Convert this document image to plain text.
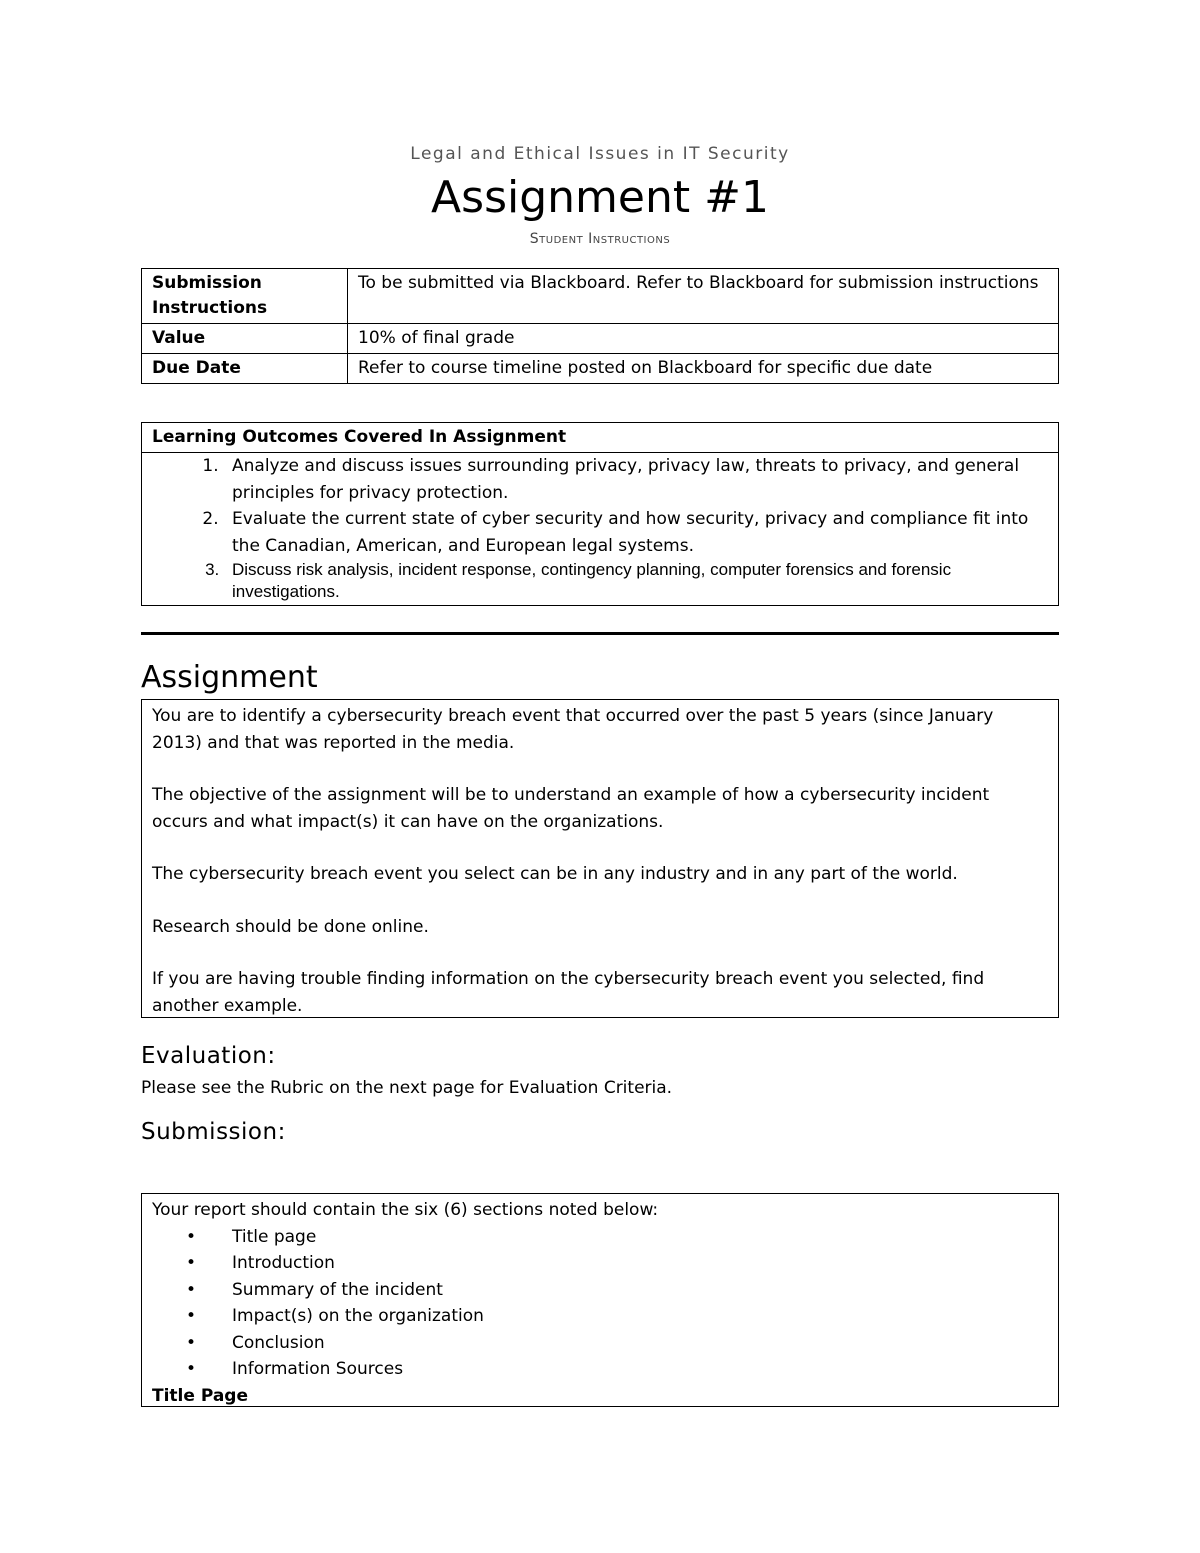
Legal and Ethical Issues in IT Security
Assignment #1
Student Instructions
Submission Instructions	To be submitted via Blackboard. Refer to Blackboard for submission instructions
Value	10% of final grade
Due Date	Refer to course timeline posted on Blackboard for specific due date
Learning Outcomes Covered In Assignment

1. Analyze and discuss issues surrounding privacy, privacy law, threats to privacy, and general principles for privacy protection.
2. Evaluate the current state of cyber security and how security, privacy and compliance fit into the Canadian, American, and European legal systems.
3. Discuss risk analysis, incident response, contingency planning, computer forensics and forensic investigations.
Assignment

You are to identify a cybersecurity breach event that occurred over the past 5 years (since January 2013) and that was reported in the media.

The objective of the assignment will be to understand an example of how a cybersecurity incident occurs and what impact(s) it can have on the organizations.

The cybersecurity breach event you select can be in any industry and in any part of the world.

Research should be done online.

If you are having trouble finding information on the cybersecurity breach event you selected, find another example.

Evaluation:
Please see the Rubric on the next page for Evaluation Criteria.
Submission:
Your report should contain the six (6) sections noted below:
• Title page
• Introduction
• Summary of the incident
• Impact(s) on the organization
• Conclusion
• Information Sources
Title Page
